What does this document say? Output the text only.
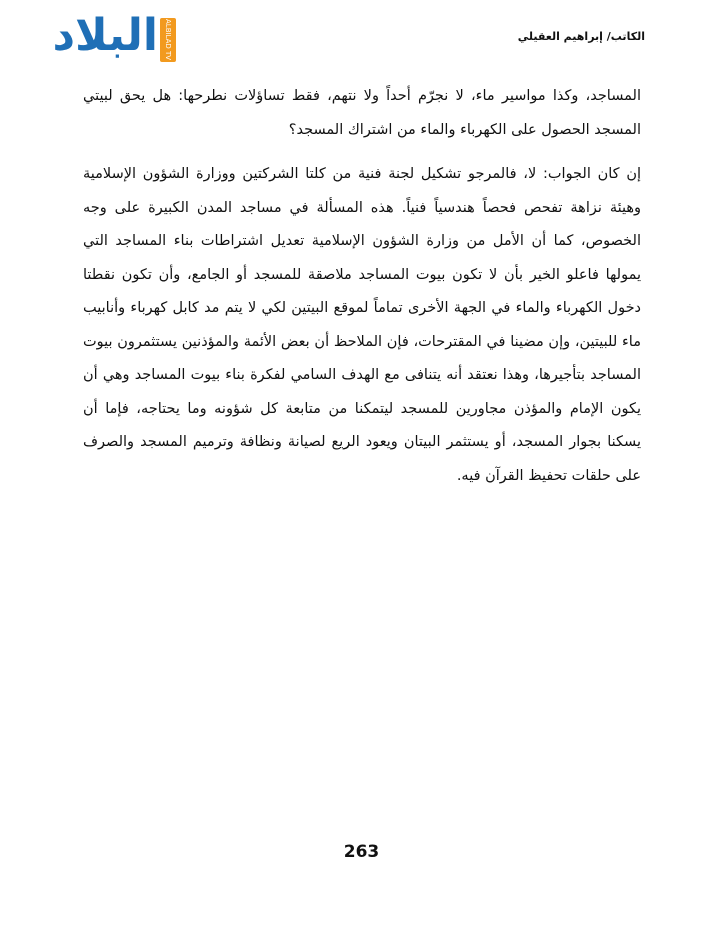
البلاد ALBILAD TV	الكاتب/ إبراهيم العقيلي

المساجد، وكذا مواسير ماء، لا نجرّم أحداً ولا نتهم، فقط تساؤلات نطرحها: هل يحق لبيتي المسجد الحصول على الكهرباء والماء من اشتراك المسجد؟

إن كان الجواب: لا، فالمرجو تشكيل لجنة فنية من كلتا الشركتين ووزارة الشؤون الإسلامية وهيئة نزاهة تفحص فحصاً هندسياً فنياً. هذه المسألة في مساجد المدن الكبيرة على وجه الخصوص، كما أن الأمل من وزارة الشؤون الإسلامية تعديل اشتراطات بناء المساجد التي يمولها فاعلو الخير بأن لا تكون بيوت المساجد ملاصقة للمسجد أو الجامع، وأن تكون نقطتا دخول الكهرباء والماء في الجهة الأخرى تماماً لموقع البيتين لكي لا يتم مد كابل كهرباء وأنابيب ماء للبيتين، وإن مضينا في المقترحات، فإن الملاحظ أن بعض الأئمة والمؤذنين يستثمرون بيوت المساجد بتأجيرها، وهذا نعتقد أنه يتنافى مع الهدف السامي لفكرة بناء بيوت المساجد وهي أن يكون الإمام والمؤذن مجاورين للمسجد ليتمكنا من متابعة كل شؤونه وما يحتاجه، فإما أن يسكنا بجوار المسجد، أو يستثمر البيتان ويعود الريع لصيانة ونظافة وترميم المسجد والصرف على حلقات تحفيظ القرآن فيه.

263
